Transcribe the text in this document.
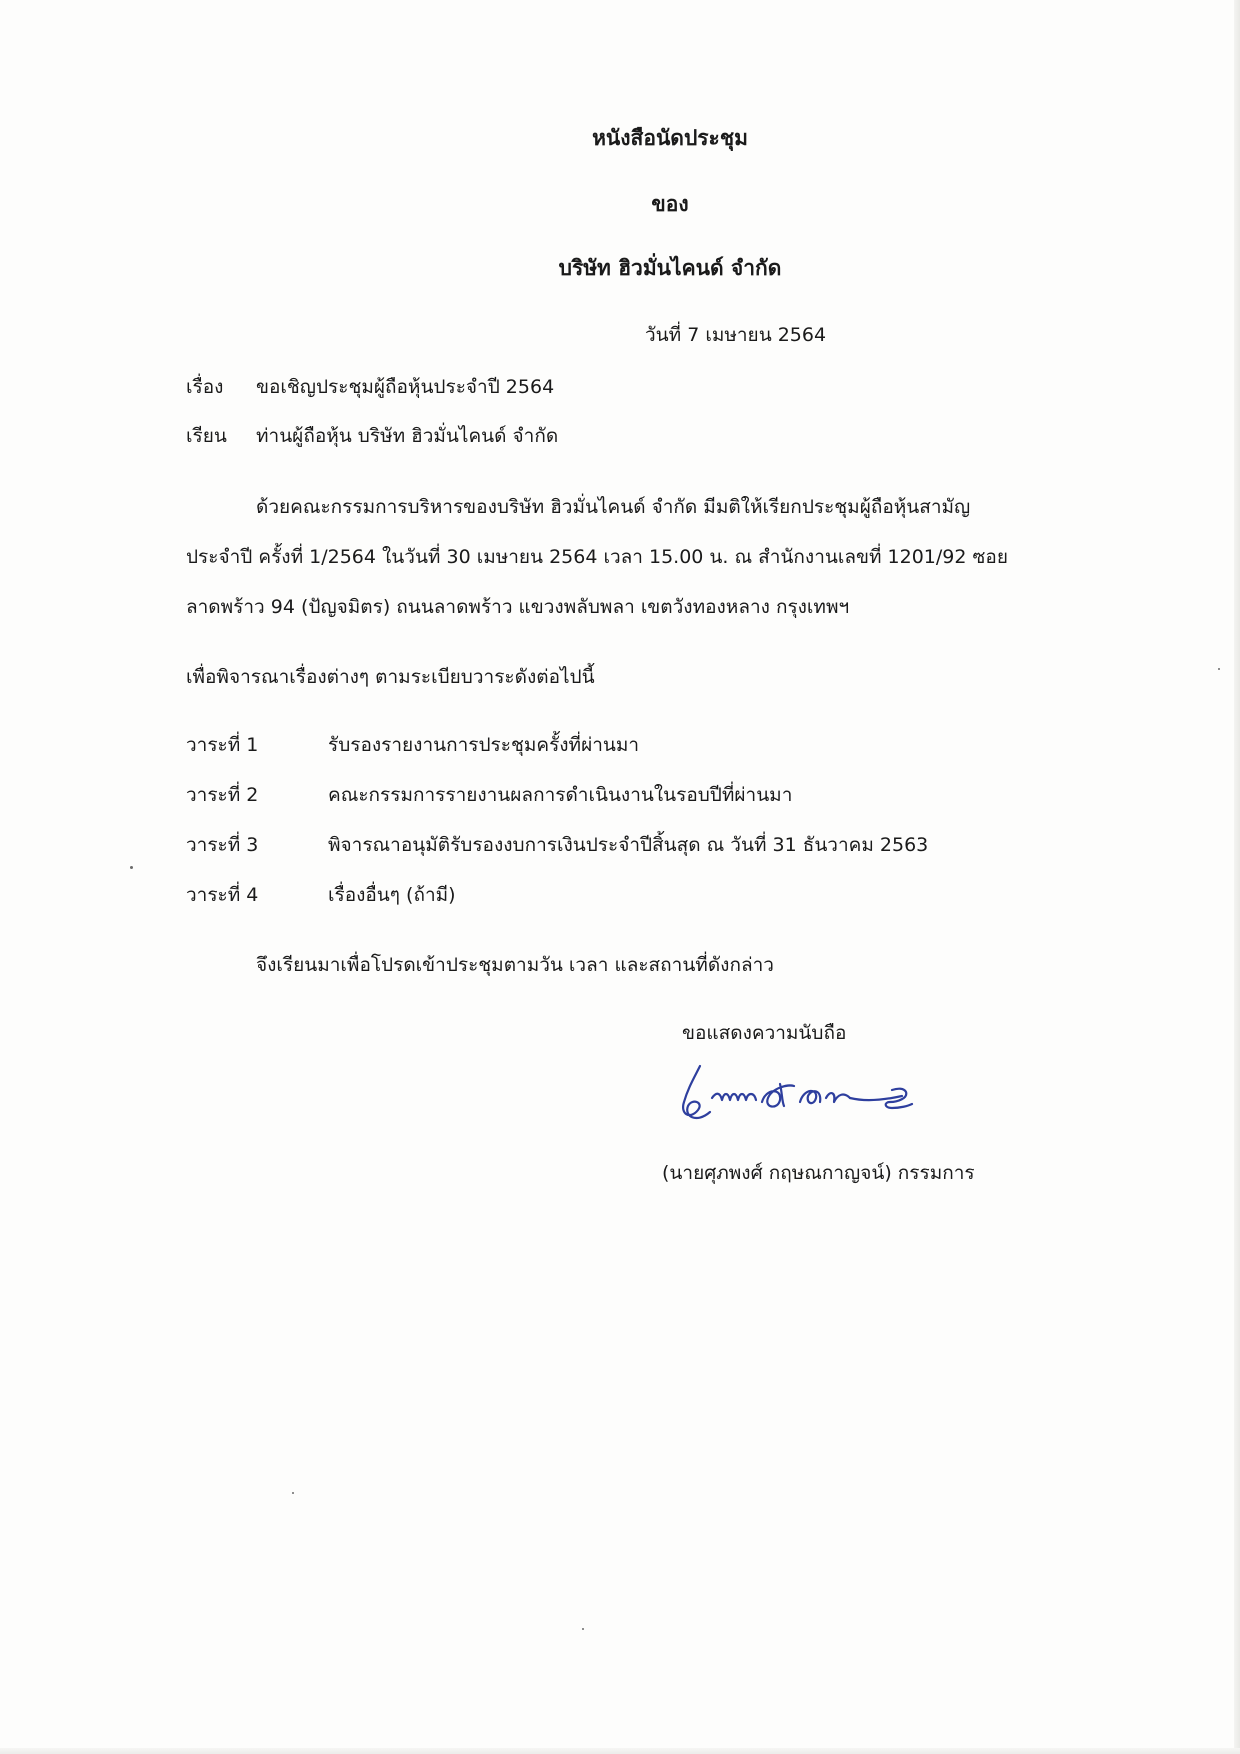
หนังสือนัดประชุม
ของ
บริษัท ฮิวมั่นไคนด์ จำกัด
วันที่ 7 เมษายน 2564
เรื่อง ขอเชิญประชุมผู้ถือหุ้นประจำปี 2564
เรียน ท่านผู้ถือหุ้น บริษัท ฮิวมั่นไคนด์ จำกัด
ด้วยคณะกรรมการบริหารของบริษัท ฮิวมั่นไคนด์ จำกัด มีมติให้เรียกประชุมผู้ถือหุ้นสามัญ
ประจำปี ครั้งที่ 1/2564 ในวันที่ 30 เมษายน 2564 เวลา 15.00 น. ณ สำนักงานเลขที่ 1201/92 ซอย
ลาดพร้าว 94 (ปัญจมิตร) ถนนลาดพร้าว แขวงพลับพลา เขตวังทองหลาง กรุงเทพฯ
เพื่อพิจารณาเรื่องต่างๆ ตามระเบียบวาระดังต่อไปนี้
วาระที่ 1	รับรองรายงานการประชุมครั้งที่ผ่านมา
วาระที่ 2	คณะกรรมการรายงานผลการดำเนินงานในรอบปีที่ผ่านมา
วาระที่ 3	พิจารณาอนุมัติรับรองงบการเงินประจำปีสิ้นสุด ณ วันที่ 31 ธันวาคม 2563
วาระที่ 4	เรื่องอื่นๆ (ถ้ามี)
จึงเรียนมาเพื่อโปรดเข้าประชุมตามวัน เวลา และสถานที่ดังกล่าว
ขอแสดงความนับถือ
(นายศุภพงศ์ กฤษณกาญจน์) กรรมการ
